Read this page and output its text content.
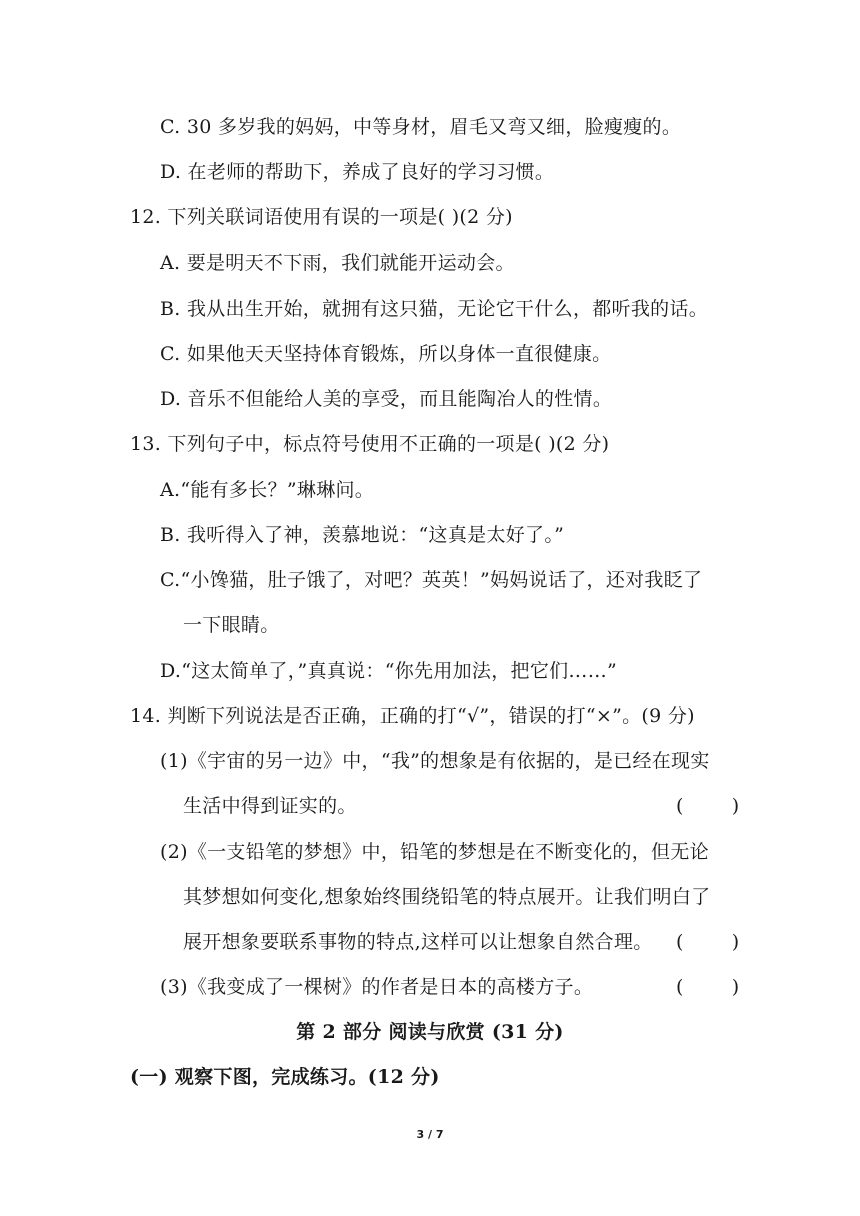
C. 30 多岁我的妈妈，中等身材，眉毛又弯又细，脸瘦瘦的。
D. 在老师的帮助下，养成了良好的学习习惯。
12. 下列关联词语使用有误的一项是( )(2 分)
A. 要是明天不下雨，我们就能开运动会。
B. 我从出生开始，就拥有这只猫，无论它干什么，都听我的话。
C. 如果他天天坚持体育锻炼，所以身体一直很健康。
D. 音乐不但能给人美的享受，而且能陶冶人的性情。
13. 下列句子中，标点符号使用不正确的一项是( )(2 分)
A.“能有多长？”琳琳问。
B. 我听得入了神，羡慕地说：“这真是太好了。”
C.“小馋猫，肚子饿了，对吧？英英！”妈妈说话了，还对我眨了
一下眼睛。
D.“这太简单了，”真真说：“你先用加法，把它们……”
14. 判断下列说法是否正确，正确的打“√”，错误的打“×”。(9 分)
(1)《宇宙的另一边》中，“我”的想象是有依据的，是已经在现实
生活中得到证实的。	(        )
(2)《一支铅笔的梦想》中，铅笔的梦想是在不断变化的，但无论
其梦想如何变化,想象始终围绕铅笔的特点展开。让我们明白了
展开想象要联系事物的特点,这样可以让想象自然合理。 (        )
(3)《我变成了一棵树》的作者是日本的高楼方子。	(        )
第 2 部分 阅读与欣赏 (31 分)
(一) 观察下图，完成练习。(12 分)
3 / 7
